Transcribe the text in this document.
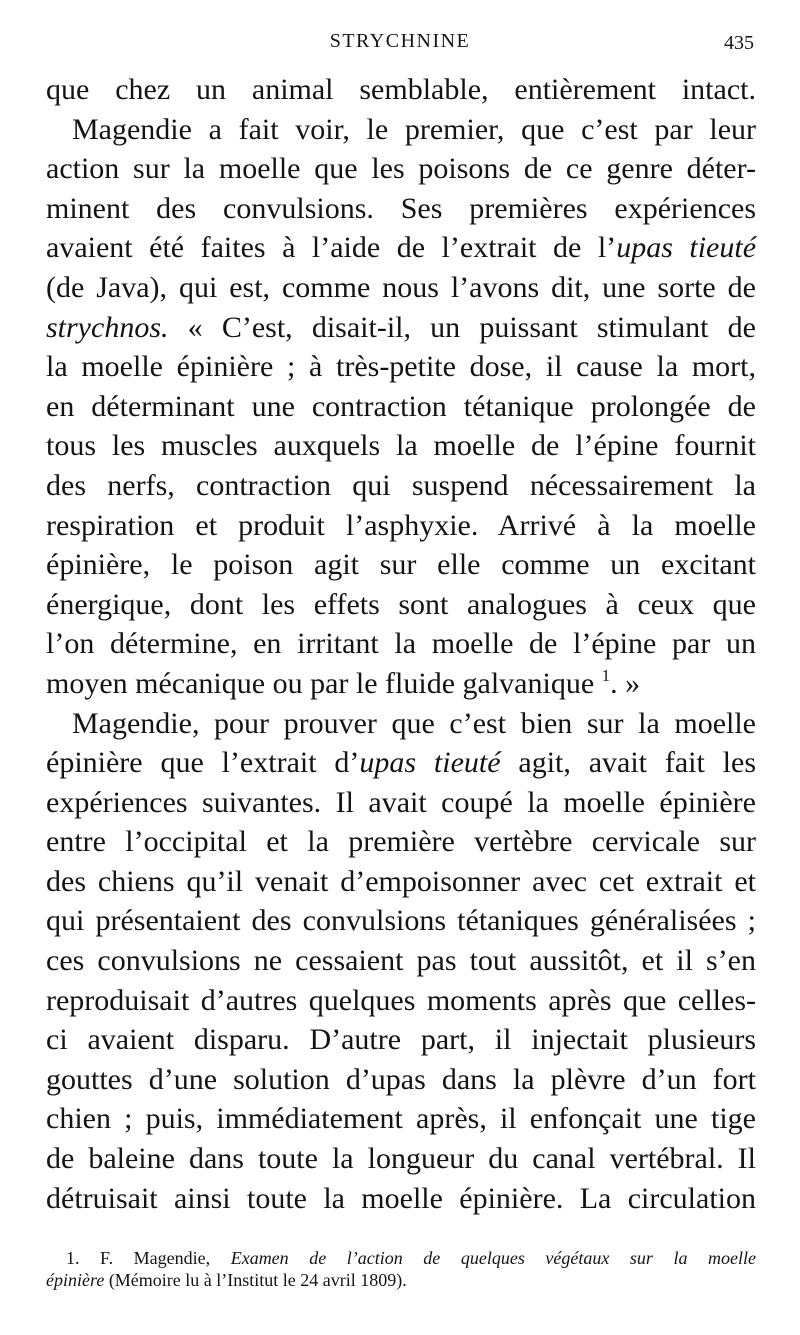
STRYCHNINE	435
que chez un animal semblable, entièrement intact.
Magendie a fait voir, le premier, que c’est par leur
action sur la moelle que les poisons de ce genre déter-
minent des convulsions. Ses premières expériences
avaient été faites à l’aide de l’extrait de l’upas tieuté
(de Java), qui est, comme nous l’avons dit, une sorte de
strychnos. « C’est, disait-il, un puissant stimulant de
la moelle épinière ; à très-petite dose, il cause la mort,
en déterminant une contraction tétanique prolongée de
tous les muscles auxquels la moelle de l’épine fournit
des nerfs, contraction qui suspend nécessairement la
respiration et produit l’asphyxie. Arrivé à la moelle
épinière, le poison agit sur elle comme un excitant
énergique, dont les effets sont analogues à ceux que
l’on détermine, en irritant la moelle de l’épine par un
moyen mécanique ou par le fluide galvanique $^1$. »
Magendie, pour prouver que c’est bien sur la moelle
épinière que l’extrait d’upas tieuté agit, avait fait les
expériences suivantes. Il avait coupé la moelle épinière
entre l’occipital et la première vertèbre cervicale sur
des chiens qu’il venait d’empoisonner avec cet extrait et
qui présentaient des convulsions tétaniques généralisées ;
ces convulsions ne cessaient pas tout aussitôt, et il s’en
reproduisait d’autres quelques moments après que celles-
ci avaient disparu. D’autre part, il injectait plusieurs
gouttes d’une solution d’upas dans la plèvre d’un fort
chien ; puis, immédiatement après, il enfonçait une tige
de baleine dans toute la longueur du canal vertébral. Il
détruisait ainsi toute la moelle épinière. La circulation
1. F. Magendie, Examen de l’action de quelques végétaux sur la moelle
épinière (Mémoire lu à l’Institut le 24 avril 1809).
